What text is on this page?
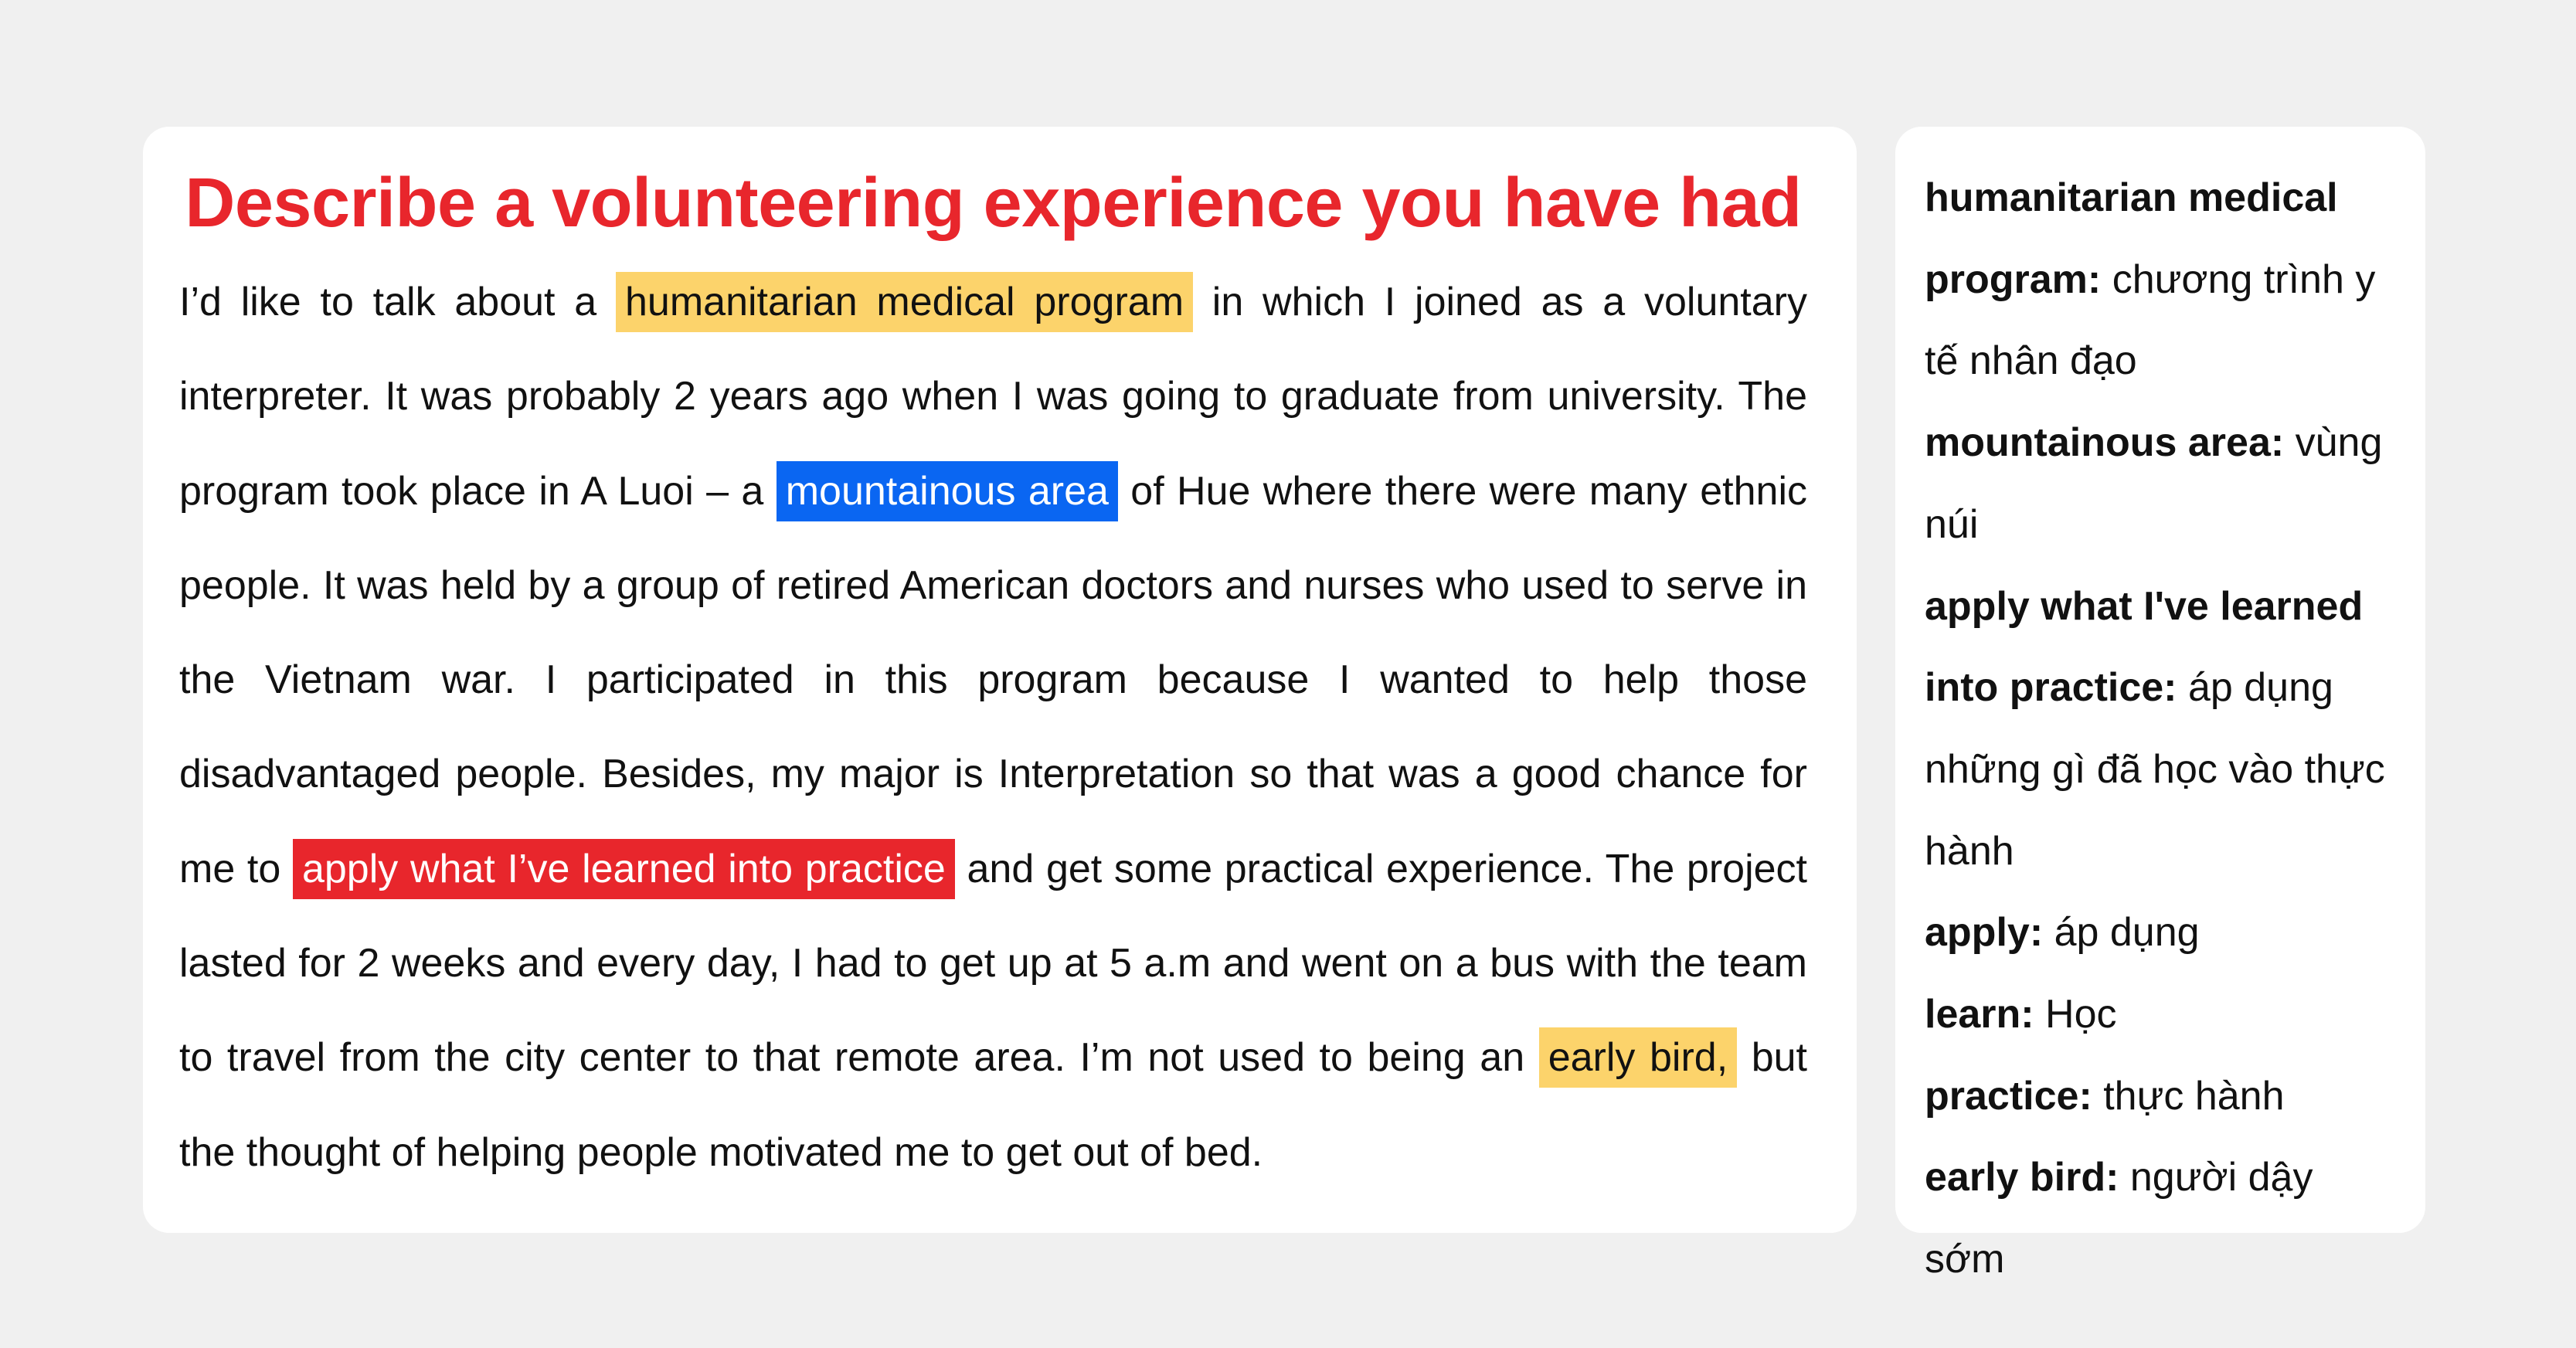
Describe a volunteering experience you have had
I’d like to talk about a humanitarian medical program in which I joined as a voluntary interpreter. It was probably 2 years ago when I was going to graduate from university. The program took place in A Luoi – a mountainous area of Hue where there were many ethnic people. It was held by a group of retired American doctors and nurses who used to serve in the Vietnam war. I participated in this program because I wanted to help those disadvantaged people. Besides, my major is Interpretation so that was a good chance for me to apply what I’ve learned into practice and get some practical experience. The project lasted for 2 weeks and every day, I had to get up at 5 a.m and went on a bus with the team to travel from the city center to that remote area. I’m not used to being an early bird, but the thought of helping people motivated me to get out of bed.

humanitarian medical program: chương trình y tế nhân đạo

mountainous area: vùng núi

apply what I've learned into practice: áp dụng những gì đã học vào thực hành

apply: áp dụng

learn: Học

practice: thực hành

early bird: người dậy sớm
